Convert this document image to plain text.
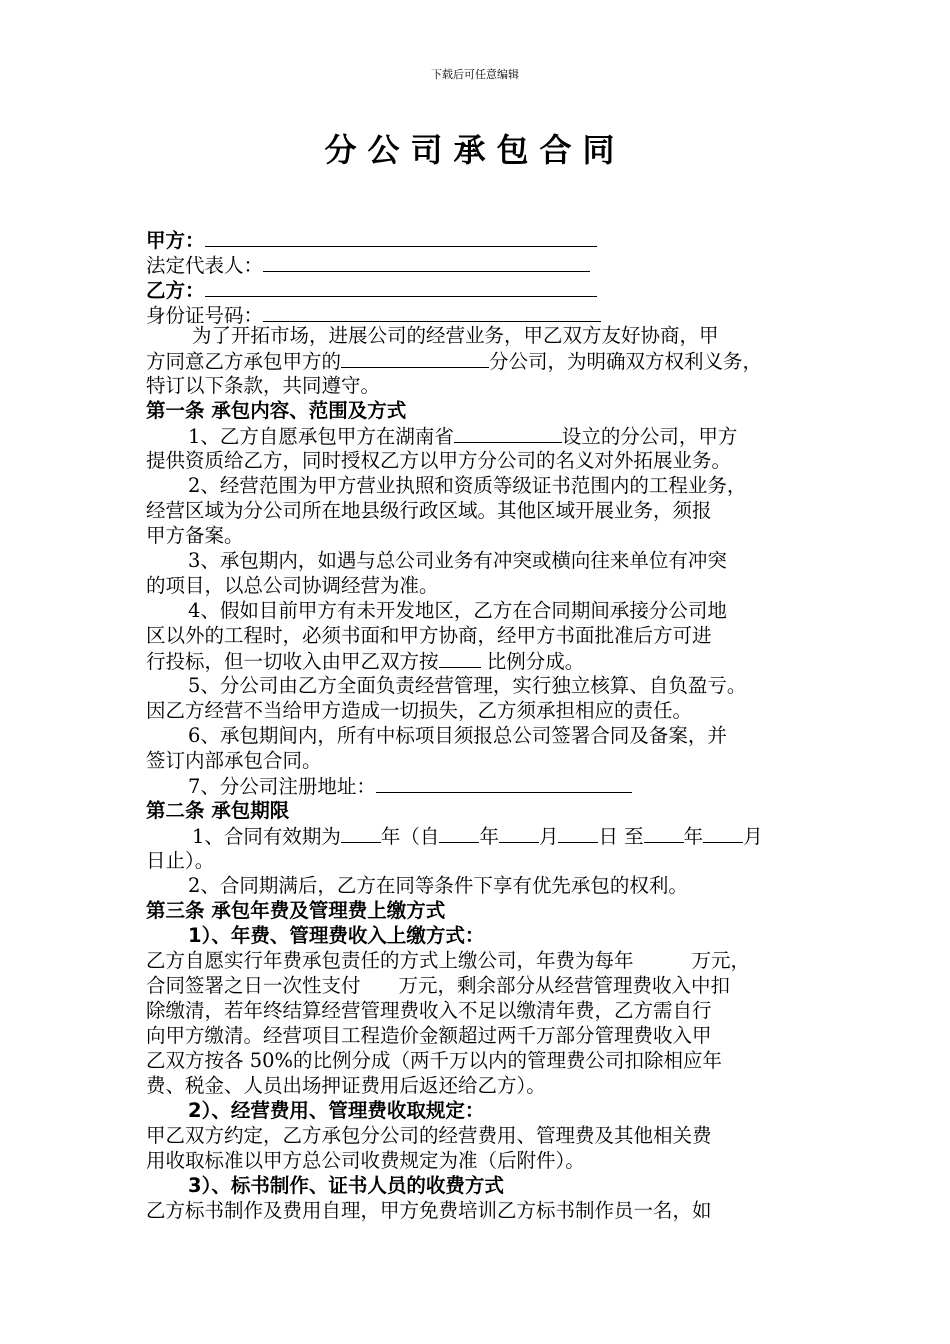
下载后可任意编辑
分公司承包合同
甲方：
法定代表人：
乙方：
身份证号码：
为了开拓市场，进展公司的经营业务，甲乙双方友好协商，甲
方同意乙方承包甲方的	分公司，为明确双方权利义务，
特订以下条款，共同遵守。
第一条 承包内容、范围及方式
1、乙方自愿承包甲方在湖南省	设立的分公司，甲方
提供资质给乙方，同时授权乙方以甲方分公司的名义对外拓展业务。
2、经营范围为甲方营业执照和资质等级证书范围内的工程业务，
经营区域为分公司所在地县级行政区域。其他区域开展业务，须报
甲方备案。
3、承包期内，如遇与总公司业务有冲突或横向往来单位有冲突
的项目，以总公司协调经营为准。
4、假如目前甲方有未开发地区，乙方在合同期间承接分公司地
区以外的工程时，必须书面和甲方协商，经甲方书面批准后方可进
行投标，但一切收入由甲乙双方按 比例分成。
5、分公司由乙方全面负责经营管理，实行独立核算、自负盈亏。
因乙方经营不当给甲方造成一切损失，乙方须承担相应的责任。
6、承包期间内，所有中标项目须报总公司签署合同及备案，并
签订内部承包合同。
7、分公司注册地址：
第二条 承包期限
1、合同有效期为 年（自 年 月 日 至 年 月
日止）。
2、合同期满后，乙方在同等条件下享有优先承包的权利。
第三条 承包年费及管理费上缴方式
1）、年费、管理费收入上缴方式：
乙方自愿实行年费承包责任的方式上缴公司，年费为每年	万元，
合同签署之日一次性支付 万元，剩余部分从经营管理费收入中扣
除缴清，若年终结算经营管理费收入不足以缴清年费，乙方需自行
向甲方缴清。经营项目工程造价金额超过两千万部分管理费收入甲
乙双方按各 50%的比例分成（两千万以内的管理费公司扣除相应年
费、税金、人员出场押证费用后返还给乙方）。
2）、经营费用、管理费收取规定：
甲乙双方约定，乙方承包分公司的经营费用、管理费及其他相关费
用收取标准以甲方总公司收费规定为准（后附件）。
3）、标书制作、证书人员的收费方式
乙方标书制作及费用自理，甲方免费培训乙方标书制作员一名，如
